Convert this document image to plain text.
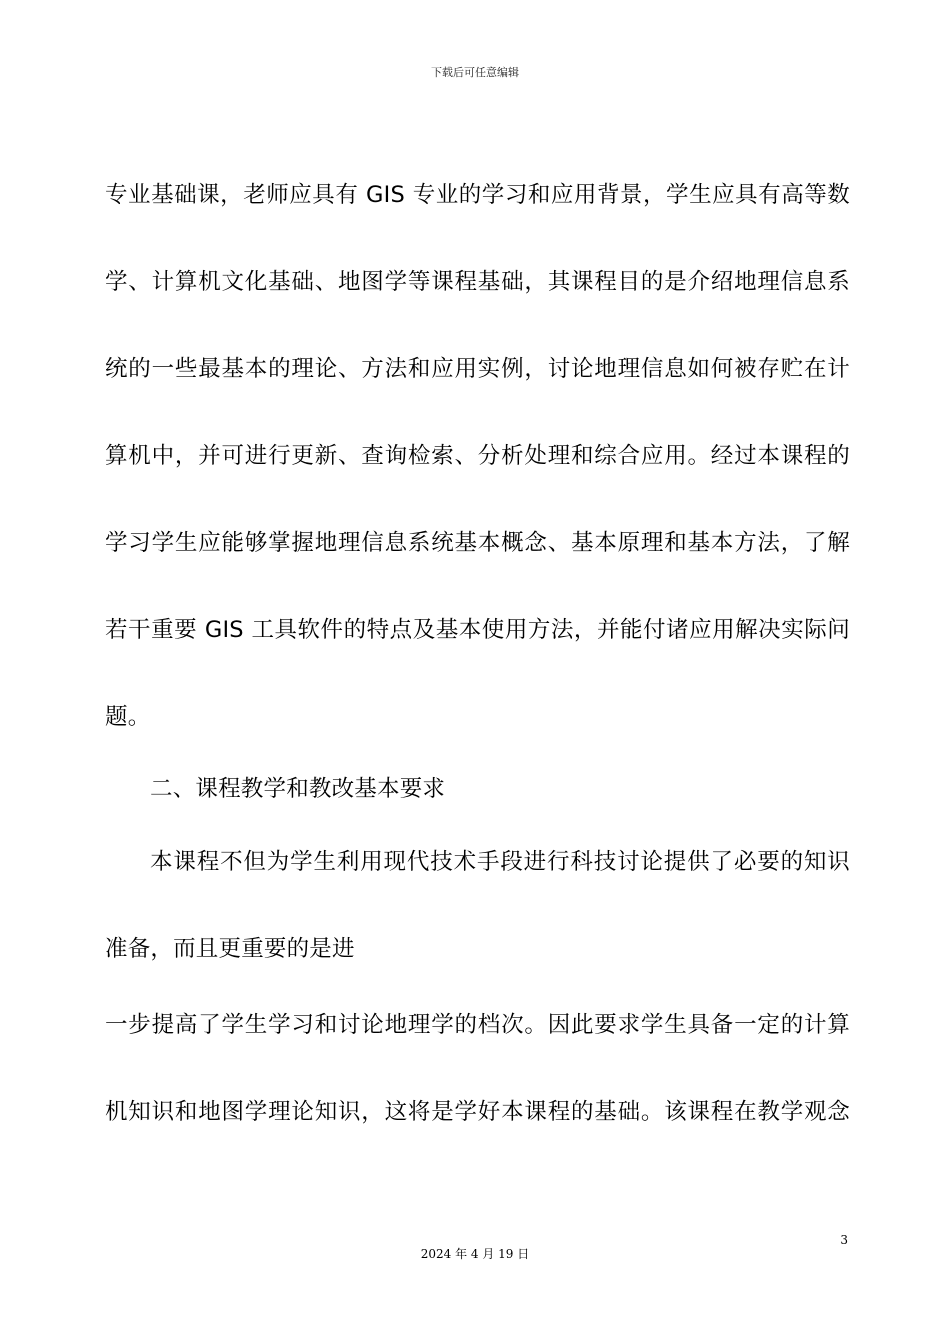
下载后可任意编辑
专业基础课，老师应具有 GIS 专业的学习和应用背景，学生应具有高等数
学、计算机文化基础、地图学等课程基础，其课程目的是介绍地理信息系
统的一些最基本的理论、方法和应用实例，讨论地理信息如何被存贮在计
算机中，并可进行更新、查询检索、分析处理和综合应用。经过本课程的
学习学生应能够掌握地理信息系统基本概念、基本原理和基本方法，了解
若干重要 GIS 工具软件的特点及基本使用方法，并能付诸应用解决实际问
题。
二、课程教学和教改基本要求
本课程不但为学生利用现代技术手段进行科技讨论提供了必要的知识
准备，而且更重要的是进
一步提高了学生学习和讨论地理学的档次。因此要求学生具备一定的计算
机知识和地图学理论知识，这将是学好本课程的基础。该课程在教学观念
3
2024 年 4 月 19 日
